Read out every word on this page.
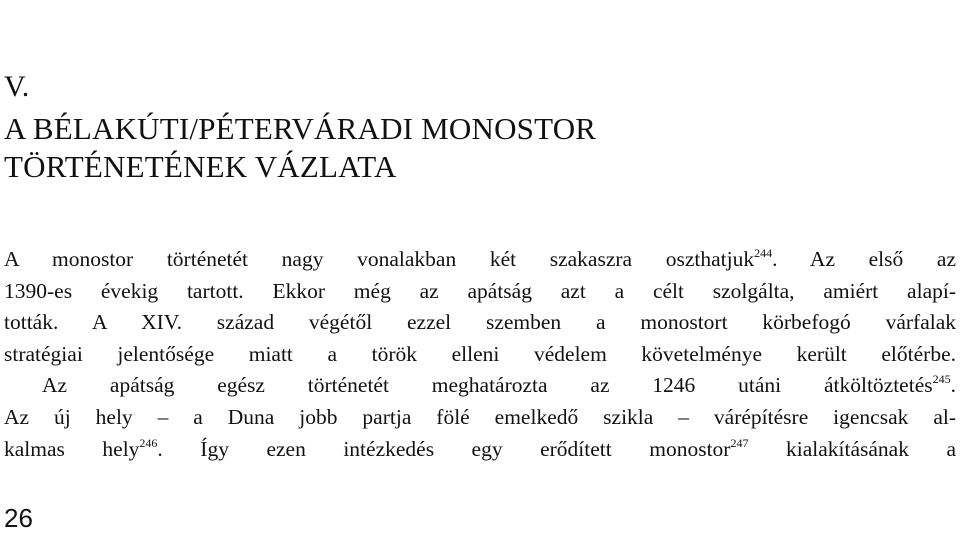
V.
A BÉLAKÚTI/PÉTERVÁRADI MONOSTOR
TÖRTÉNETÉNEK VÁZLATA

A monostor történetét nagy vonalakban két szakaszra oszthatjuk$^{244}$. Az első az
1390-es évekig tartott. Ekkor még az apátság azt a célt szolgálta, amiért alapí-
tották. A XIV. század végétől ezzel szemben a monostort körbefogó várfalak
stratégiai jelentősége miatt a török elleni védelem követelménye került előtérbe.
Az apátság egész történetét meghatározta az 1246 utáni átköltöztetés$^{245}$.
Az új hely – a Duna jobb partja fölé emelkedő szikla – várépítésre igencsak al-
kalmas hely$^{246}$. Így ezen intézkedés egy erődített monostor$^{247}$ kialakításának a

26
